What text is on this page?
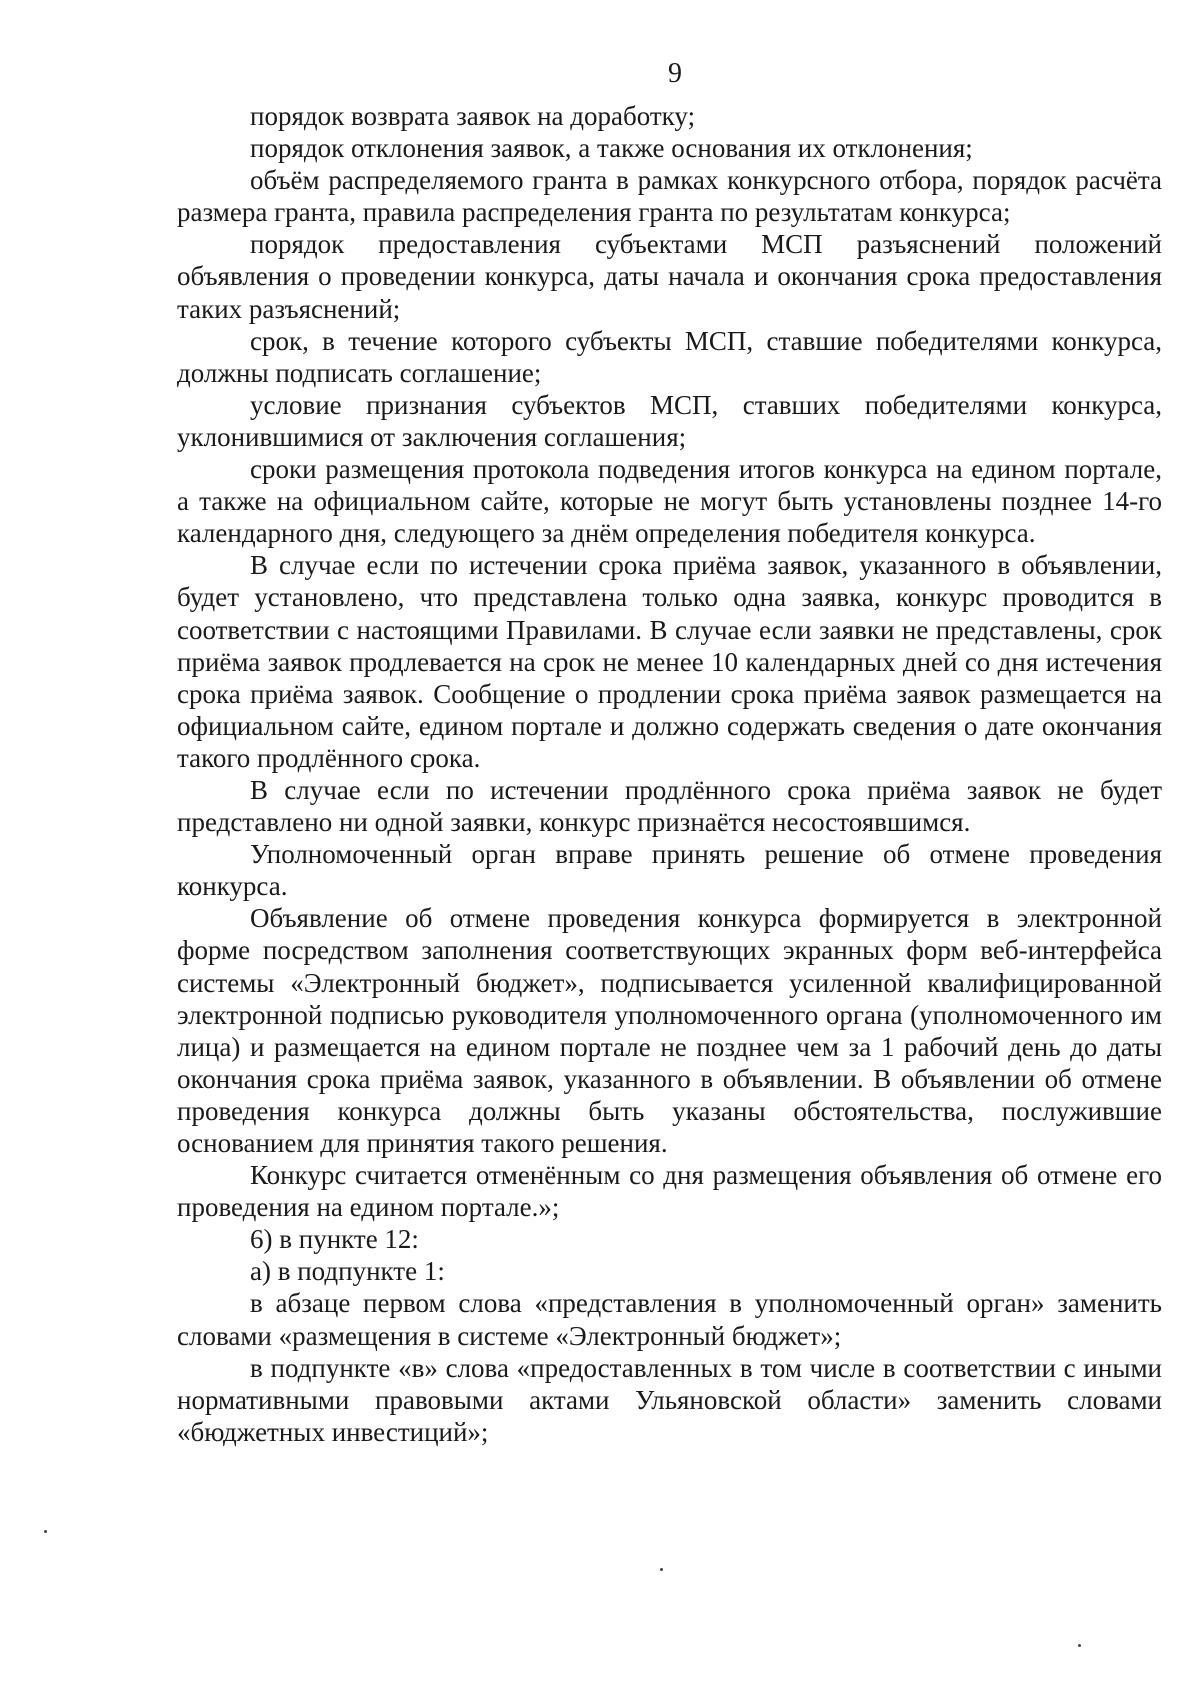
9

порядок возврата заявок на доработку;

порядок отклонения заявок, а также основания их отклонения;

объём распределяемого гранта в рамках конкурсного отбора, порядок расчёта размера гранта, правила распределения гранта по результатам конкурса;

порядок предоставления субъектами МСП разъяснений положений объявления о проведении конкурса, даты начала и окончания срока предоставления таких разъяснений;

срок, в течение которого субъекты МСП, ставшие победителями конкурса, должны подписать соглашение;

условие признания субъектов МСП, ставших победителями конкурса, уклонившимися от заключения соглашения;

сроки размещения протокола подведения итогов конкурса на едином портале, а также на официальном сайте, которые не могут быть установлены позднее 14-го календарного дня, следующего за днём определения победителя конкурса.

В случае если по истечении срока приёма заявок, указанного в объявлении, будет установлено, что представлена только одна заявка, конкурс проводится в соответствии с настоящими Правилами. В случае если заявки не представлены, срок приёма заявок продлевается на срок не менее 10 календарных дней со дня истечения срока приёма заявок. Сообщение о продлении срока приёма заявок размещается на официальном сайте, едином портале и должно содержать сведения о дате окончания такого продлённого срока.

В случае если по истечении продлённого срока приёма заявок не будет представлено ни одной заявки, конкурс признаётся несостоявшимся.

Уполномоченный орган вправе принять решение об отмене проведения конкурса.

Объявление об отмене проведения конкурса формируется в электронной форме посредством заполнения соответствующих экранных форм веб-интерфейса системы «Электронный бюджет», подписывается усиленной квалифицированной электронной подписью руководителя уполномоченного органа (уполномоченного им лица) и размещается на едином портале не позднее чем за 1 рабочий день до даты окончания срока приёма заявок, указанного в объявлении. В объявлении об отмене проведения конкурса должны быть указаны обстоятельства, послужившие основанием для принятия такого решения.

Конкурс считается отменённым со дня размещения объявления об отмене его проведения на едином портале.»;

6) в пункте 12:

а) в подпункте 1:

в абзаце первом слова «представления в уполномоченный орган» заменить словами «размещения в системе «Электронный бюджет»;

в подпункте «в» слова «предоставленных в том числе в соответствии с иными нормативными правовыми актами Ульяновской области» заменить словами «бюджетных инвестиций»;
